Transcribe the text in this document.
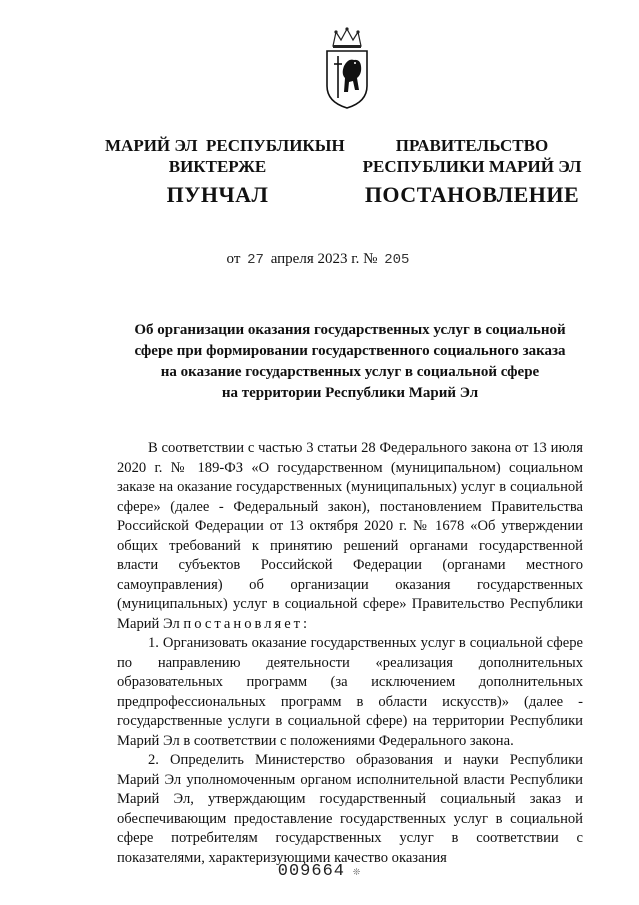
МАРИЙ ЭЛ  РЕСПУБЛИКЫН
ВИКТЕРЖЕ
ПУНЧАЛ
ПРАВИТЕЛЬСТВО
РЕСПУБЛИКИ МАРИЙ ЭЛ
ПОСТАНОВЛЕНИЕ
от 27 апреля 2023 г. № 205
Об организации оказания государственных услуг в социальной
сфере при формировании государственного социального заказа
на оказание государственных услуг в социальной сфере
на территории Республики Марий Эл

В соответствии с частью 3 статьи 28 Федерального закона от 13 июля 2020 г. № 189-ФЗ «О государственном (муниципальном) социальном заказе на оказание государственных (муниципальных) услуг в социальной сфере» (далее - Федеральный закон), постановлением Правительства Российской Федерации от 13 октября 2020 г. № 1678 «Об утверждении общих требований к принятию решений органами государственной власти субъектов Российской Федерации (органами местного самоуправления) об организации оказания государственных (муниципальных) услуг в социальной сфере» Правительство Республики Марий Эл постановляет:

1. Организовать оказание государственных услуг в социальной сфере по направлению деятельности «реализация дополнительных образовательных программ (за исключением дополнительных предпрофессиональных программ в области искусств)» (далее - государственные услуги в социальной сфере) на территории Республики Марий Эл в соответствии с положениями Федерального закона.

2. Определить Министерство образования и науки Республики Марий Эл уполномоченным органом исполнительной власти Республики Марий Эл, утверждающим государственный социальный заказ и обеспечивающим предоставление государственных услуг в социальной сфере потребителям государственных услуг в соответствии с показателями, характеризующими качество оказания

009664 ❊
